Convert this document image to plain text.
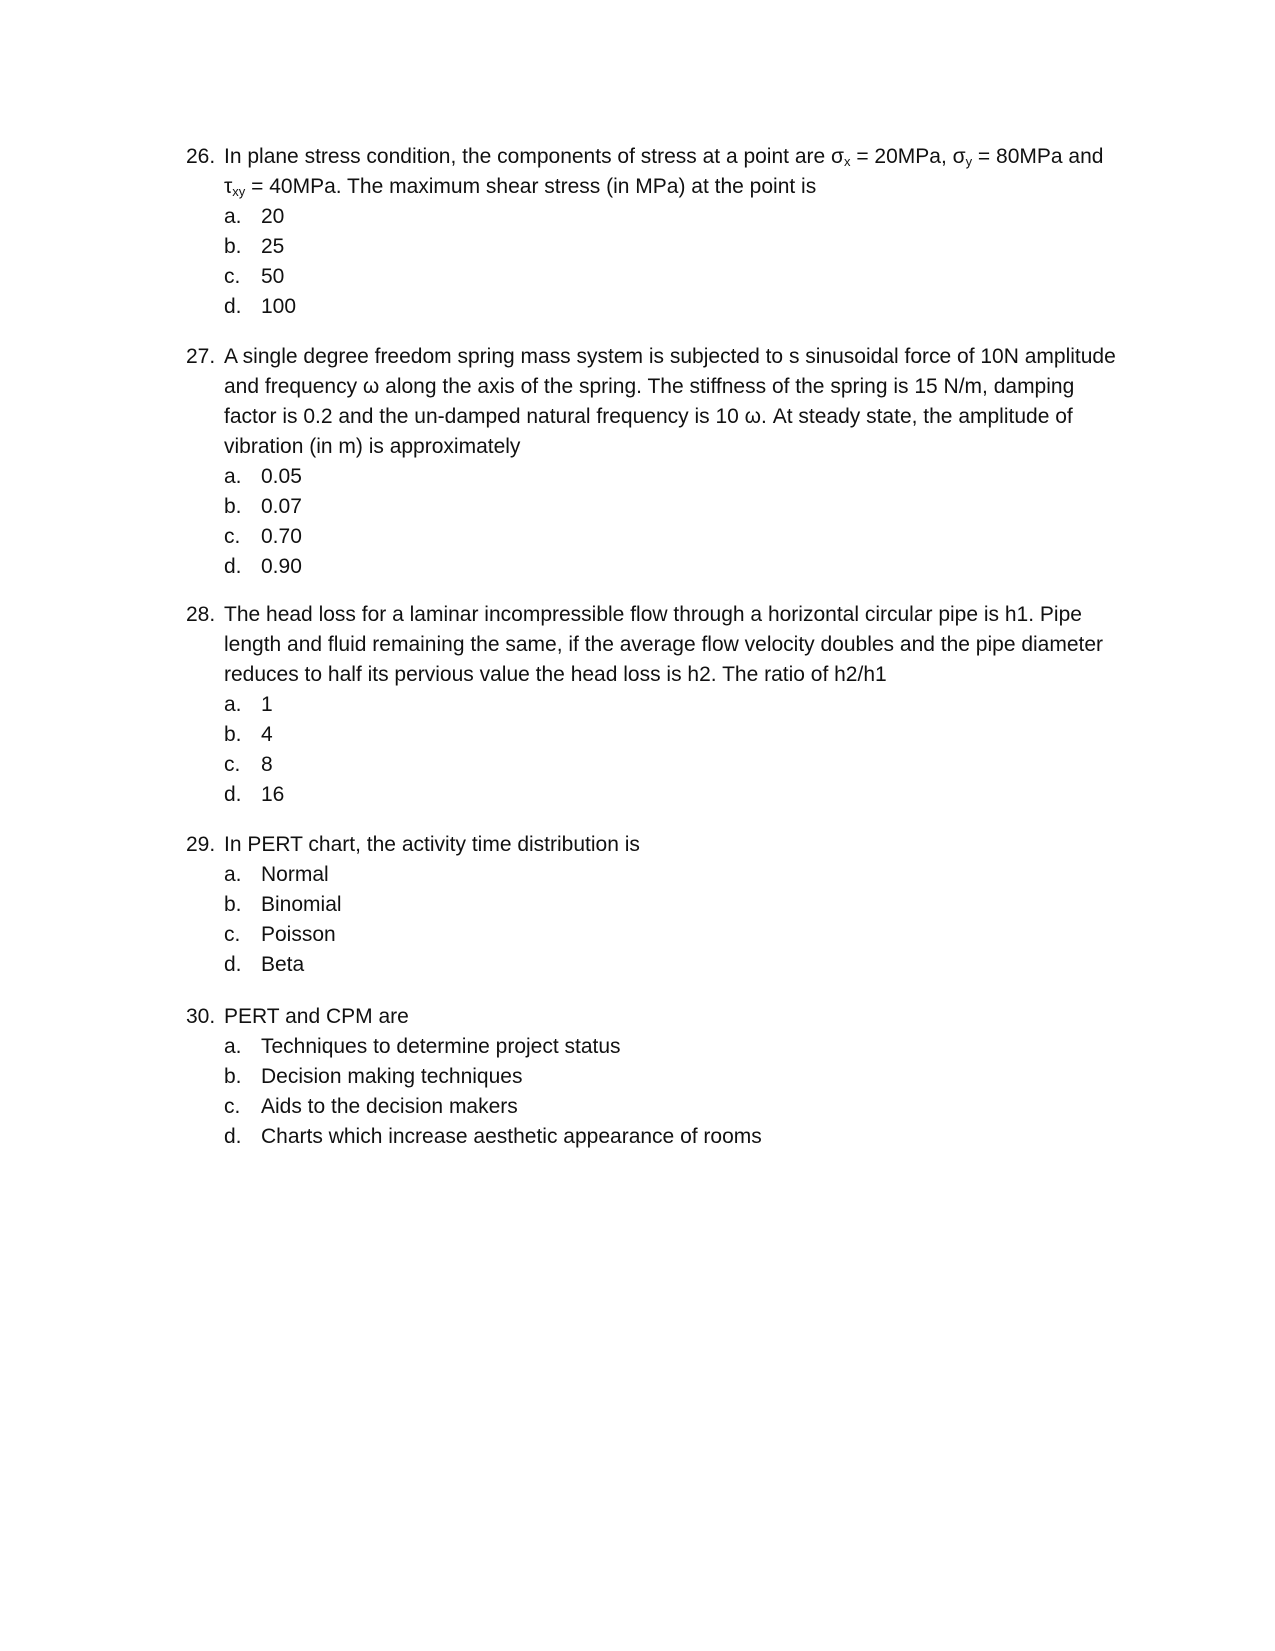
26. In plane stress condition, the components of stress at a point are $\sigma_x = 20MPa$, $\sigma_y = 80MPa$ and $\tau_{xy} = 40MPa$. The maximum shear stress (in MPa) at the point is
a. 20
b. 25
c. 50
d. 100
27. A single degree freedom spring mass system is subjected to s sinusoidal force of 10N amplitude and frequency ω along the axis of the spring. The stiffness of the spring is 15 N/m, damping factor is 0.2 and the un-damped natural frequency is 10 ω. At steady state, the amplitude of vibration (in m) is approximately
a. 0.05
b. 0.07
c. 0.70
d. 0.90
28. The head loss for a laminar incompressible flow through a horizontal circular pipe is h1. Pipe length and fluid remaining the same, if the average flow velocity doubles and the pipe diameter reduces to half its pervious value the head loss is h2. The ratio of h2/h1
a. 1
b. 4
c. 8
d. 16
29. In PERT chart, the activity time distribution is
a. Normal
b. Binomial
c. Poisson
d. Beta
30. PERT and CPM are
a. Techniques to determine project status
b. Decision making techniques
c. Aids to the decision makers
d. Charts which increase aesthetic appearance of rooms
